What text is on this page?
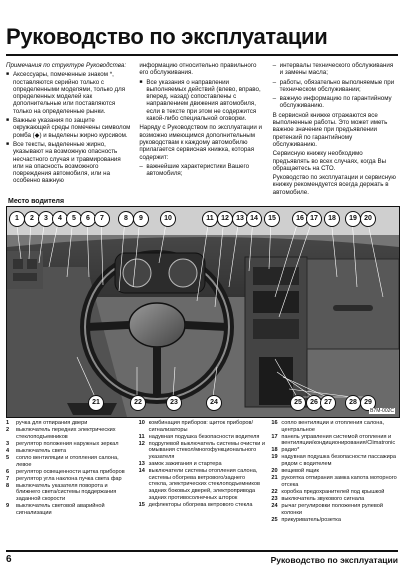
Руководство по эксплуатации

Примечания по структуре Руководства:

■ Аксессуары, помеченные знаком *, поставляются серийно только с определенными моделями, только для определенных моделей как дополнительные или поставляются только на определенные рынки.

■ Важные указания по защите окружающей среды помечены символом ромба (◆) и выделены жирно курсивом.

■ Все тексты, выделенные жирно, указывают на возможную опасность несчастного случая и травмирования или на опасность возможного повреждения автомобиля, или на особенно важную

информацию относительно правильного его обслуживания.

■ Все указания о направлении выполняемых действий (влево, вправо, вперед, назад) сопоставлены с направлением движения автомобиля, если в тексте при этом не содержится какой-либо специальной оговорки.

Наряду с Руководством по эксплуатации и возможно имеющимся дополнительным руководствам к каждому автомобилю прилагается сервисная книжка, которая содержит:

– важнейшие характеристики Вашего автомобиля;

– интервалы технического обслуживания и замены масла;

– работы, обязательно выполняемые при техническом обслуживании;

– важную информацию по гарантийному обслуживанию.

В сервисной книжке отражаются все выполненные работы. Это может иметь важное значение при предъявлении претензий по гарантийному обслуживанию.

Сервисную книжку необходимо предъявлять во всех случаях, когда Вы обращаетесь на СТО.

Руководство по эксплуатации и сервисную книжку рекомендуется всегда держать в автомобиле.

Место водителя
1	2	3	4	5	6	7	8	9	10	11	12	13 14	15	16 17	18	19	20
21	22	23	24	25	26 27	28	29
B7M-002C
1	ручка для отпирания двери
2	выключатель передних электрических стеклоподъемников
3	регулятор положения наружных зеркал
4	выключатель света
5	сопло вентиляции и отопления салона, левое
6	регулятор освещенности щитка приборов
7	регулятор угла наклона пучка света фар
8	выключатель указателя поворота и ближнего света/системы поддержания заданной скорости
9	выключатель световой аварийной сигнализации
10 комбинация приборов: щиток приборов/сигнализаторы
11 надувная подушка безопасности водителя
12 подрулевой выключатель системы очистки и омывания стекол/многофункционального указателя
13 замок зажигания и стартера
14 выключатели системы отопления салона, системы обогрева ветрового/заднего стекла, электрических стеклоподъемников задних боковых дверей, электропривода задних противосолнечных шторок
15 дефлекторы обогрева ветрового стекла
16 сопло вентиляции и отопления салона, центральное
17 панель управления системой отопления и вентиляции/кондиционирования/Climatronic
18 радио*
19 надувная подушка безопасности пассажира рядом с водителем
20 вещевой ящик
21 рукоятка отпирания замка капота моторного отсека
22 коробка предохранителей под крышкой
23 выключатель звукового сигнала
24 рычаг регулировки положения рулевой колонки
25 прикуриватель/розетка
6	Руководство по эксплуатации
